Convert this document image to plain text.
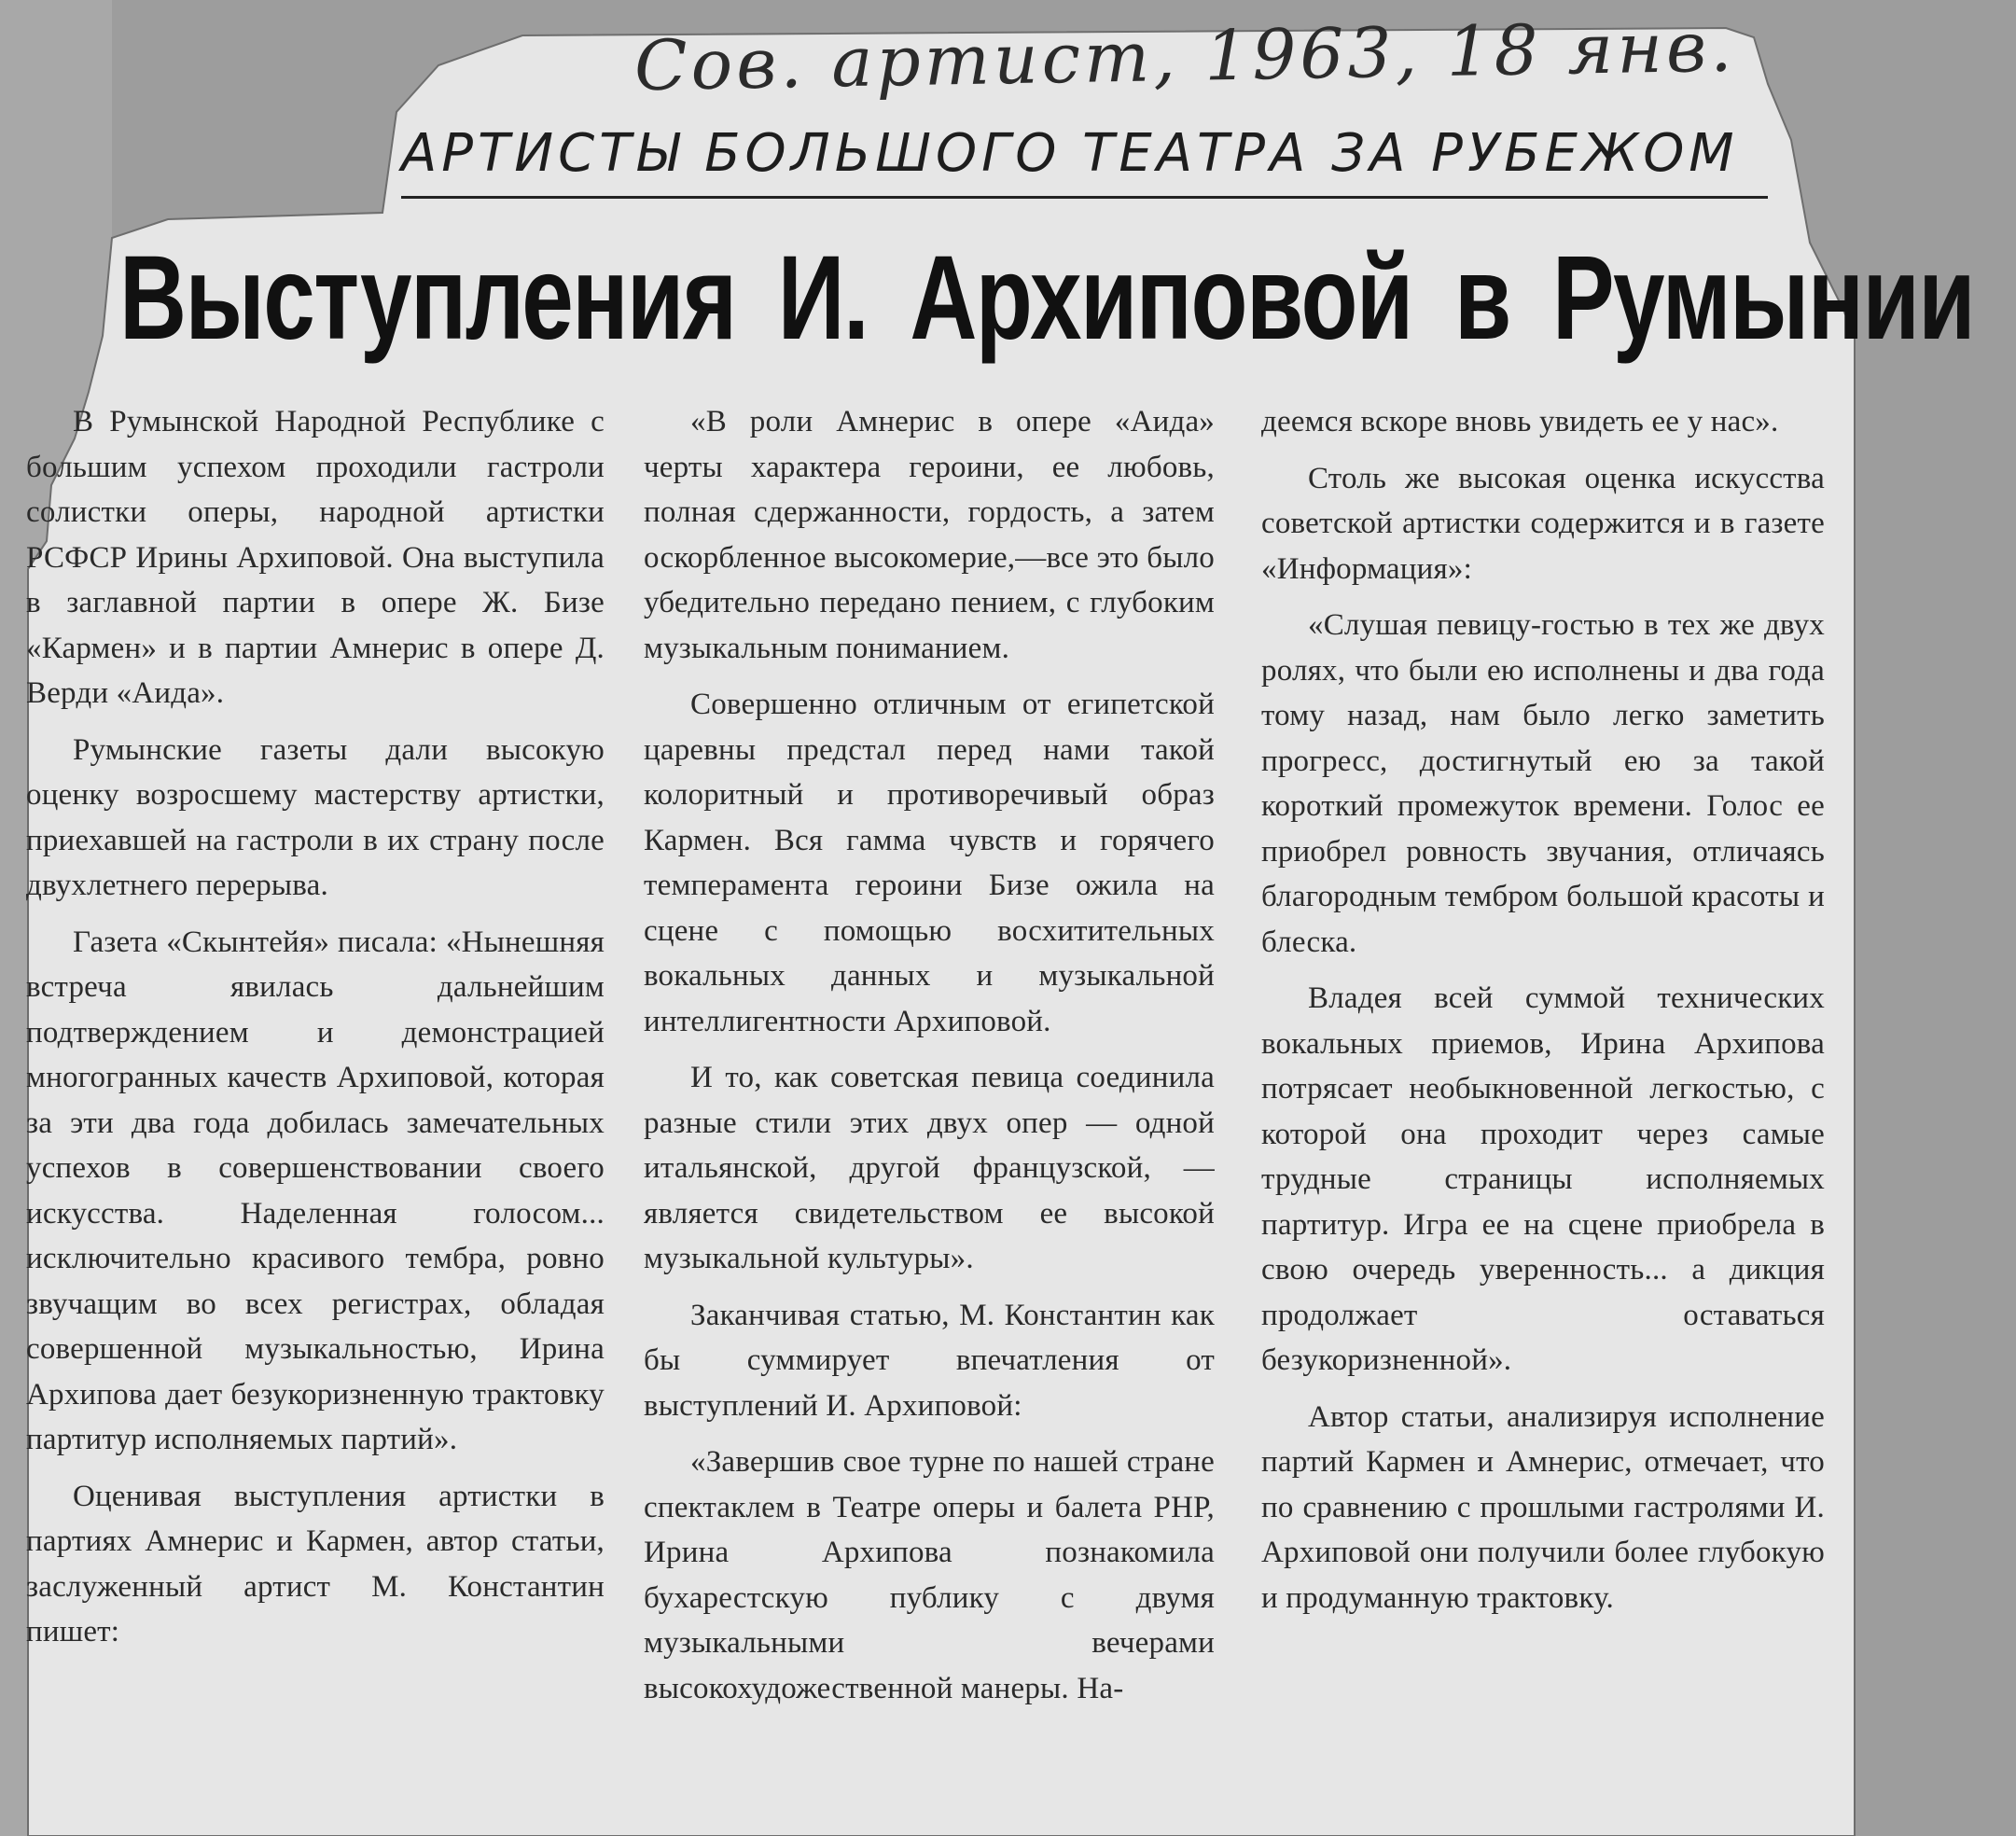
Сов. артист, 1963, 18 янв.
АРТИСТЫ БОЛЬШОГО ТЕАТРА ЗА РУБЕЖОМ
Выступления И. Архиповой в Румынии

В Румынской Народной Республике с большим успехом проходили гастроли солистки оперы, народной артистки РСФСР Ирины Архиповой. Она выступила в заглавной партии в опере Ж. Бизе «Кармен» и в партии Амнерис в опере Д. Верди «Аида».

Румынские газеты дали высокую оценку возросшему мастерству артистки, приехавшей на гастроли в их страну после двухлетнего перерыва.

Газета «Скынтейя» писала: «Нынешняя встреча явилась дальнейшим подтверждением и демонстрацией многогранных качеств Архиповой, которая за эти два года добилась замечательных успехов в совершенствовании своего искусства. Наделенная голосом... исключительно красивого тембра, ровно звучащим во всех регистрах, обладая совершенной музыкальностью, Ирина Архипова дает безукоризненную трактовку партитур исполняемых партий».

Оценивая выступления артистки в партиях Амнерис и Кармен, автор статьи, заслуженный артист М. Константин пишет:

«В роли Амнерис в опере «Аида» черты характера героини, ее любовь, полная сдержанности, гордость, а затем оскорбленное высокомерие,—все это было убедительно передано пением, с глубоким музыкальным пониманием.

Совершенно отличным от египетской царевны предстал перед нами такой колоритный и противоречивый образ Кармен. Вся гамма чувств и горячего темперамента героини Бизе ожила на сцене с помощью восхитительных вокальных данных и музыкальной интеллигентности Архиповой.

И то, как советская певица соединила разные стили этих двух опер — одной итальянской, другой французской, — является свидетельством ее высокой музыкальной культуры».

Заканчивая статью, М. Константин как бы суммирует впечатления от выступлений И. Архиповой:

«Завершив свое турне по нашей стране спектаклем в Театре оперы и балета РНР, Ирина Архипова познакомила бухарестскую публику с двумя музыкальными вечерами высокохудожественной манеры. На-

деемся вскоре вновь увидеть ее у нас».

Столь же высокая оценка искусства советской артистки содержится и в газете «Информация»:

«Слушая певицу-гостью в тех же двух ролях, что были ею исполнены и два года тому назад, нам было легко заметить прогресс, достигнутый ею за такой короткий промежуток времени. Голос ее приобрел ровность звучания, отличаясь благородным тембром большой красоты и блеска.

Владея всей суммой технических вокальных приемов, Ирина Архипова потрясает необыкновенной легкостью, с которой она проходит через самые трудные страницы исполняемых партитур. Игра ее на сцене приобрела в свою очередь уверенность... а дикция продолжает оставаться безукоризненной».

Автор статьи, анализируя исполнение партий Кармен и Амнерис, отмечает, что по сравнению с прошлыми гастролями И. Архиповой они получили более глубокую и продуманную трактовку.
